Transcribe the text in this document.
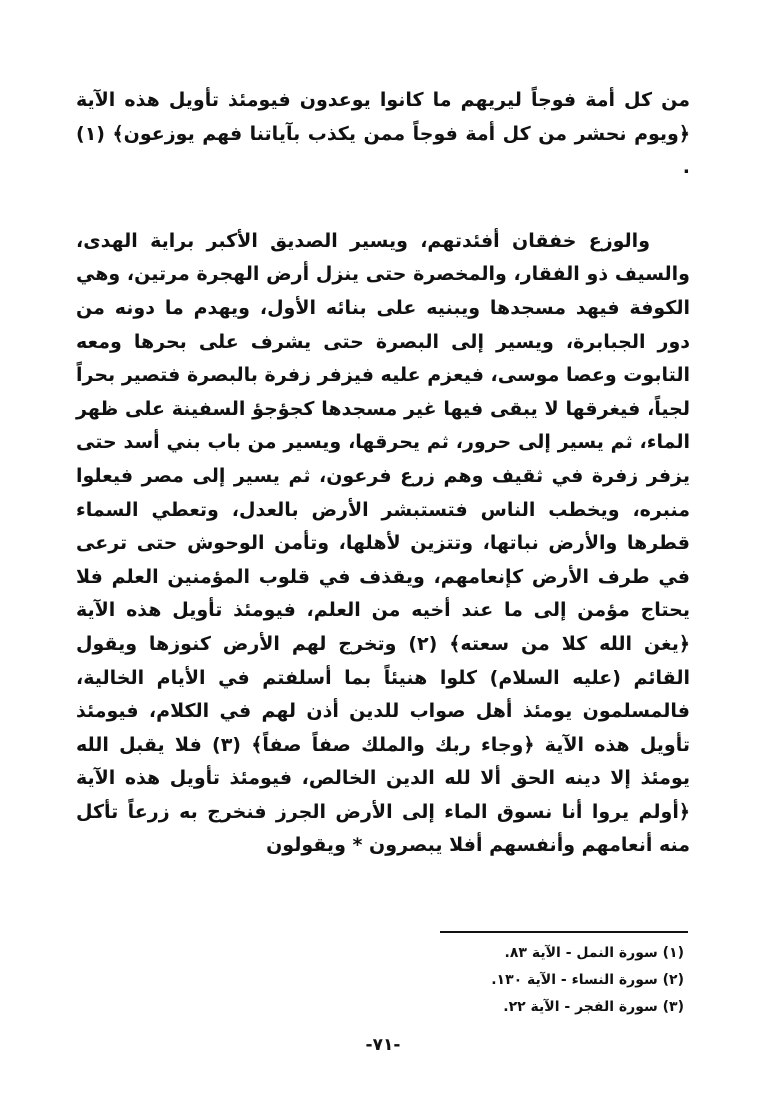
من كل أمة فوجاً ليريهم ما كانوا يوعدون فيومئذ تأويل هذه الآية ﴿ويوم نحشر من كل أمة فوجاً ممن يكذب بآياتنا فهم يوزعون﴾ (١) .

والوزع خفقان أفئدتهم، ويسير الصديق الأكبر براية الهدى، والسيف ذو الفقار، والمخصرة حتى ينزل أرض الهجرة مرتين، وهي الكوفة فيهد مسجدها ويبنيه على بنائه الأول، ويهدم ما دونه من دور الجبابرة، ويسير إلى البصرة حتى يشرف على بحرها ومعه التابوت وعصا موسى، فيعزم عليه فيزفر زفرة بالبصرة فتصير بحراً لجياً، فيغرقها لا يبقى فيها غير مسجدها كجؤجؤ السفينة على ظهر الماء، ثم يسير إلى حرور، ثم يحرقها، ويسير من باب بني أسد حتى يزفر زفرة في ثقيف وهم زرع فرعون، ثم يسير إلى مصر فيعلوا منبره، ويخطب الناس فتستبشر الأرض بالعدل، وتعطي السماء قطرها والأرض نباتها، وتتزين لأهلها، وتأمن الوحوش حتى ترعى في طرف الأرض كإنعامهم، ويقذف في قلوب المؤمنين العلم فلا يحتاج مؤمن إلى ما عند أخيه من العلم، فيومئذ تأويل هذه الآية ﴿يغن الله كلا من سعته﴾ (٢) وتخرج لهم الأرض كنوزها ويقول القائم (عليه السلام) كلوا هنيئاً بما أسلفتم في الأيام الخالية، فالمسلمون يومئذ أهل صواب للدين أذن لهم في الكلام، فيومئذ تأويل هذه الآية ﴿وجاء ربك والملك صفاً صفاً﴾ (٣) فلا يقبل الله يومئذ إلا دينه الحق ألا لله الدين الخالص، فيومئذ تأويل هذه الآية ﴿أولم يروا أنا نسوق الماء إلى الأرض الجرز فنخرج به زرعاً تأكل منه أنعامهم وأنفسهم أفلا يبصرون * ويقولون

(١) سورة النمل - الآية ٨٣.

(٢) سورة النساء - الآية ١٣٠.

(٣) سورة الفجر - الآية ٢٢.

-٧١-
